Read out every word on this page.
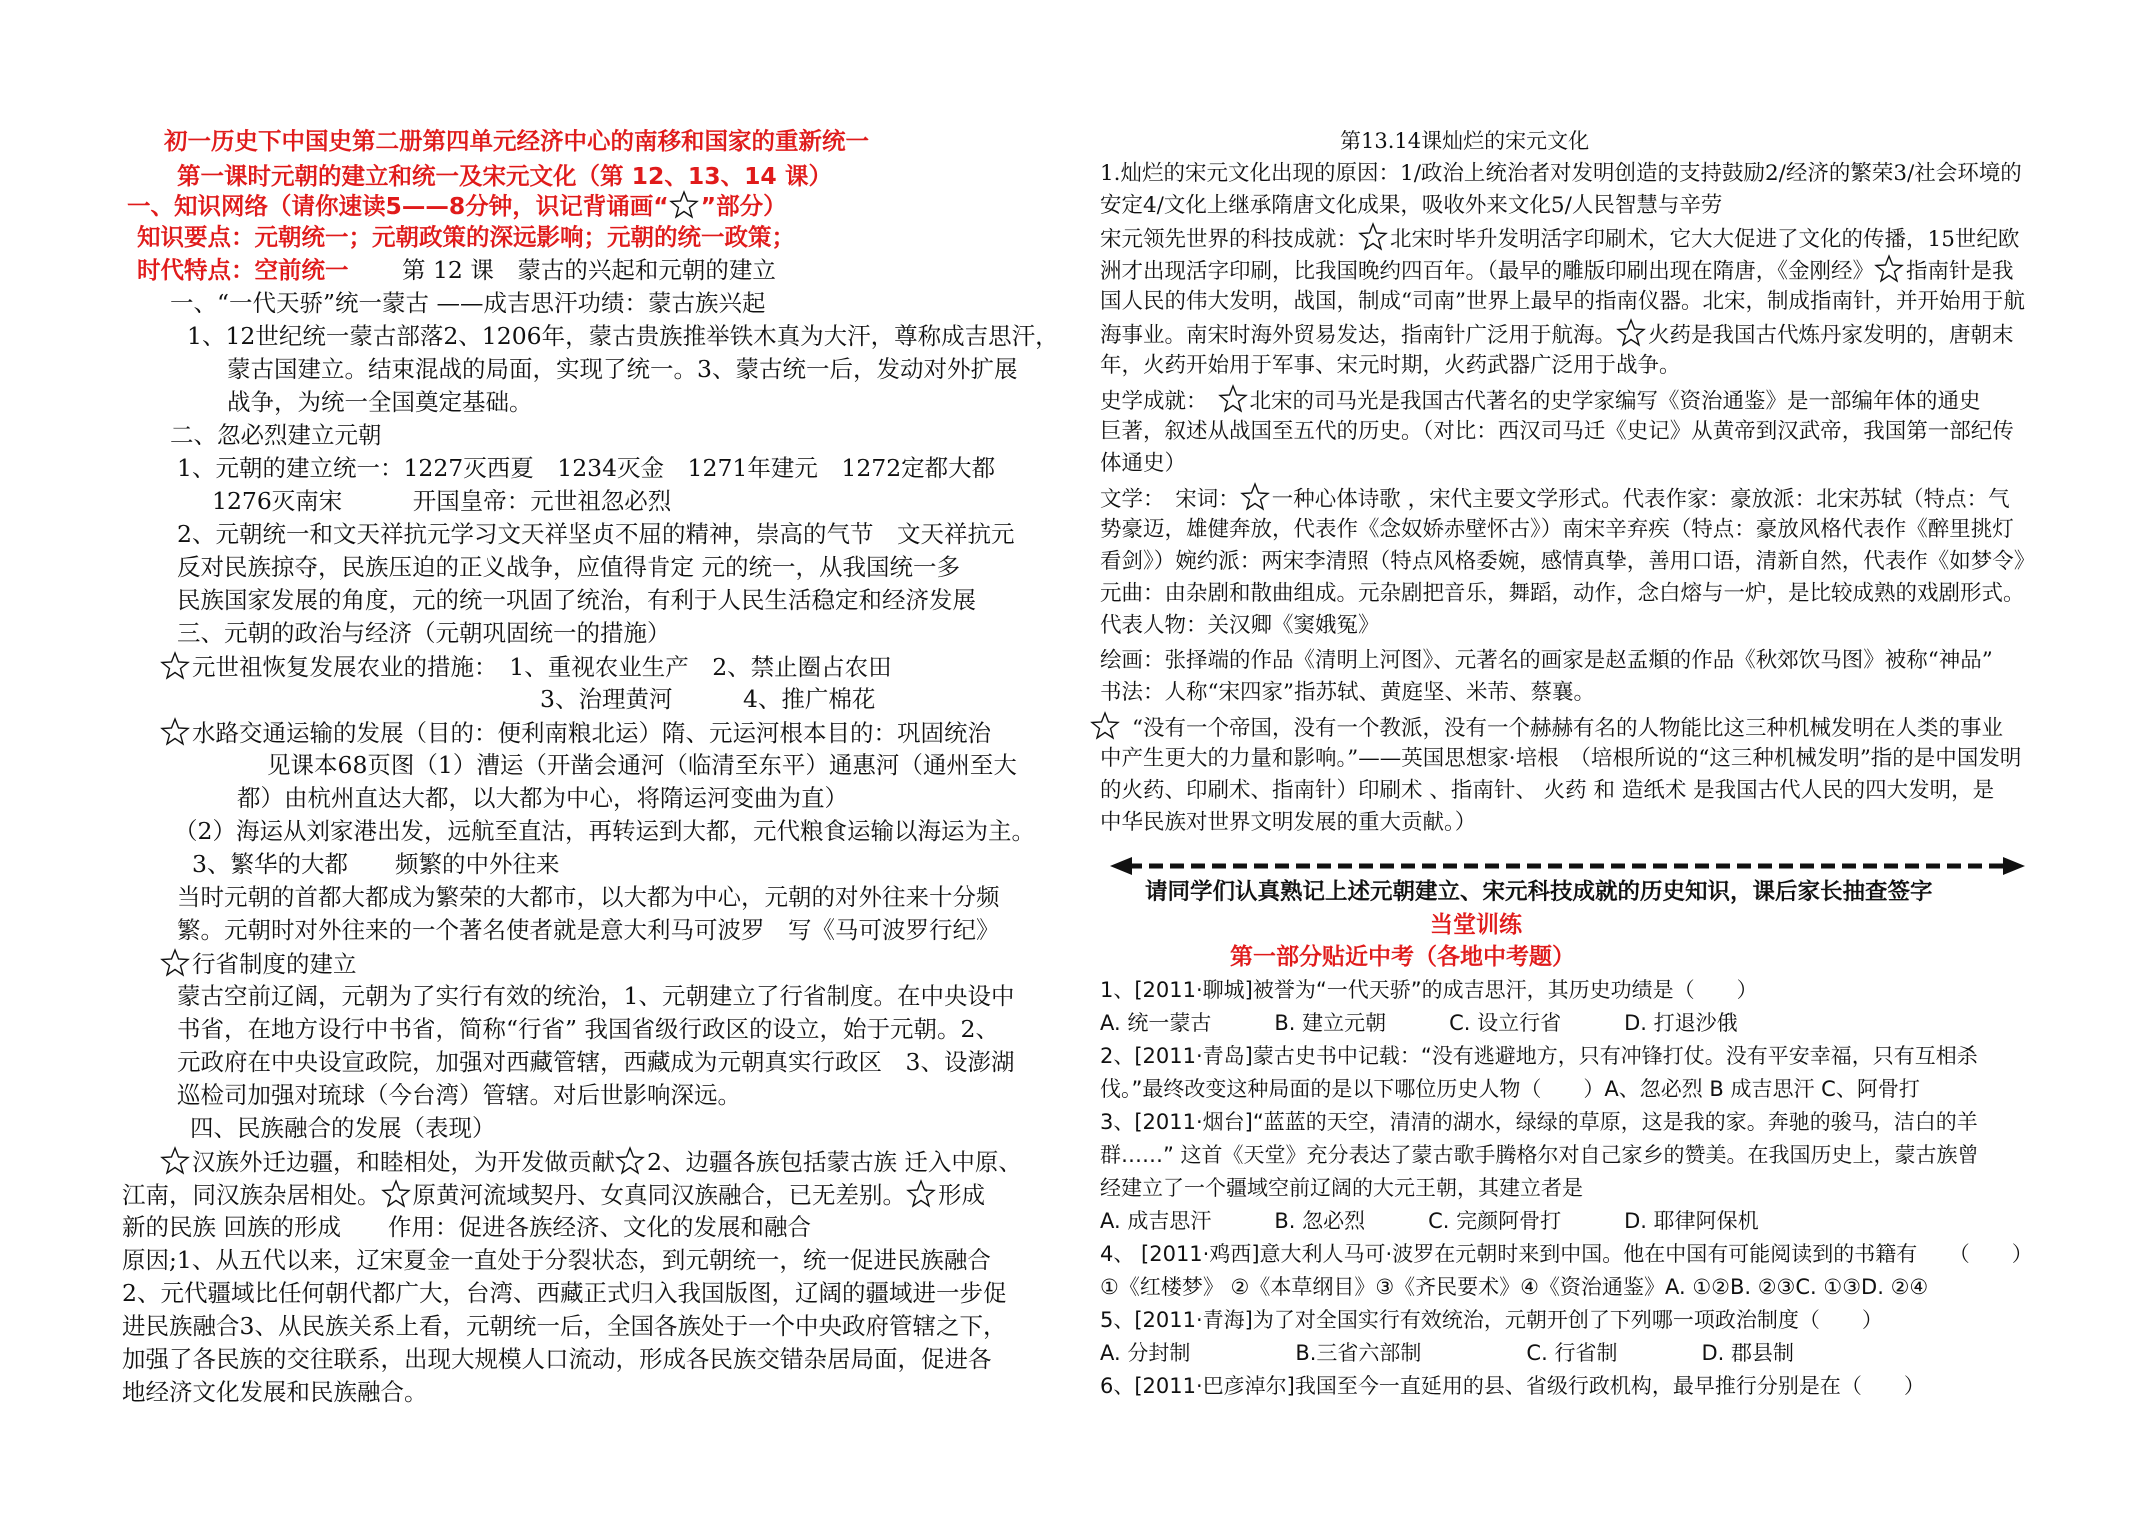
初一历史下中国史第二册第四单元经济中心的南移和国家的重新统一
第一课时元朝的建立和统一及宋元文化（第 12、13、14 课）
一、知识网络（请你速读5——8分钟，识记背诵画“ ”部分）
知识要点：元朝统一；元朝政策的深远影响；元朝的统一政策；
时代特点：空前统一 第 12 课　蒙古的兴起和元朝的建立
一、“一代天骄”统一蒙古 ——成吉思汗功绩：蒙古族兴起
1、12世纪统一蒙古部落2、1206年，蒙古贵族推举铁木真为大汗，尊称成吉思汗，
蒙古国建立。结束混战的局面，实现了统一。3、蒙古统一后，发动对外扩展
战争，为统一全国奠定基础。
二、忽必烈建立元朝
1、元朝的建立统一：1227灭西夏　1234灭金　1271年建元　1272定都大都
1276灭南宋　　　开国皇帝：元世祖忽必烈
2、元朝统一和文天祥抗元学习文天祥坚贞不屈的精神，崇高的气节　文天祥抗元
反对民族掠夺，民族压迫的正义战争，应值得肯定 元的统一，从我国统一多
民族国家发展的角度，元的统一巩固了统治，有利于人民生活稳定和经济发展
三、元朝的政治与经济（元朝巩固统一的措施）
元世祖恢复发展农业的措施：　1、重视农业生产　2、禁止圈占农田
3、治理黄河　　　4、推广棉花
水路交通运输的发展（目的：便利南粮北运）隋、元运河根本目的：巩固统治
见课本68页图（1）漕运（开凿会通河（临清至东平）通惠河（通州至大
都）由杭州直达大都，以大都为中心，将隋运河变曲为直）
（2）海运从刘家港出发，远航至直沽，再转运到大都，元代粮食运输以海运为主。
3、繁华的大都　　频繁的中外往来
当时元朝的首都大都成为繁荣的大都市，以大都为中心，元朝的对外往来十分频
繁。元朝时对外往来的一个著名使者就是意大利马可波罗　写《马可波罗行纪》
行省制度的建立
蒙古空前辽阔，元朝为了实行有效的统治，1、元朝建立了行省制度。在中央设中
书省，在地方设行中书省，简称“行省” 我国省级行政区的设立，始于元朝。2、
元政府在中央设宣政院，加强对西藏管辖，西藏成为元朝真实行政区　3、设澎湖
巡检司加强对琉球（今台湾）管辖。对后世影响深远。
四、民族融合的发展（表现）
汉族外迁边疆，和睦相处，为开发做贡献 2、边疆各族包括蒙古族 迁入中原、
江南，同汉族杂居相处。 原黄河流域契丹、女真同汉族融合，已无差别。 形成
新的民族 回族的形成　　作用：促进各族经济、文化的发展和融合
原因;1、从五代以来，辽宋夏金一直处于分裂状态，到元朝统一，统一促进民族融合
2、元代疆域比任何朝代都广大，台湾、西藏正式归入我国版图，辽阔的疆域进一步促
进民族融合3、从民族关系上看，元朝统一后，全国各族处于一个中央政府管辖之下，
加强了各民族的交往联系，出现大规模人口流动，形成各民族交错杂居局面，促进各
地经济文化发展和民族融合。
第13.14课灿烂的宋元文化
1.灿烂的宋元文化出现的原因：1/政治上统治者对发明创造的支持鼓励2/经济的繁荣3/社会环境的
安定4/文化上继承隋唐文化成果，吸收外来文化5/人民智慧与辛劳
宋元领先世界的科技成就： 北宋时毕升发明活字印刷术，它大大促进了文化的传播，15世纪欧
洲才出现活字印刷，比我国晚约四百年。（最早的雕版印刷出现在隋唐，《金刚经》 指南针是我
国人民的伟大发明，战国，制成“司南”世界上最早的指南仪器。北宋，制成指南针，并开始用于航
海事业。南宋时海外贸易发达，指南针广泛用于航海。 火药是我国古代炼丹家发明的，唐朝末
年，火药开始用于军事、宋元时期，火药武器广泛用于战争。
史学成就： 北宋的司马光是我国古代著名的史学家编写《资治通鉴》是一部编年体的通史
巨著，叙述从战国至五代的历史。（对比：西汉司马迁《史记》从黄帝到汉武帝，我国第一部纪传
体通史）
文学：　宋词： 一种心体诗歌 ，宋代主要文学形式。代表作家：豪放派：北宋苏轼（特点：气
势豪迈，雄健奔放，代表作《念奴娇赤壁怀古》）南宋辛弃疾（特点：豪放风格代表作《醉里挑灯
看剑》）婉约派：两宋李清照（特点风格委婉，感情真挚，善用口语，清新自然，代表作《如梦令》
元曲：由杂剧和散曲组成。元杂剧把音乐，舞蹈，动作，念白熔与一炉，是比较成熟的戏剧形式。
代表人物：关汉卿《窦娥冤》
绘画：张择端的作品《清明上河图》、元著名的画家是赵孟頫的作品《秋郊饮马图》被称“神品”
书法：人称“宋四家”指苏轼、黄庭坚、米芾、蔡襄。
“没有一个帝国，没有一个教派，没有一个赫赫有名的人物能比这三种机械发明在人类的事业
中产生更大的力量和影响。”——英国思想家·培根　（培根所说的“这三种机械发明”指的是中国发明
的火药、印刷术、指南针）印刷术 、指南针、 火药 和 造纸术 是我国古代人民的四大发明，是
中华民族对世界文明发展的重大贡献。）
请同学们认真熟记上述元朝建立、宋元科技成就的历史知识，课后家长抽查签字
当堂训练
第一部分贴近中考（各地中考题）
1、[2011·聊城]被誉为“一代天骄”的成吉思汗，其历史功绩是（　　）
A. 统一蒙古　　　B. 建立元朝　　　C. 设立行省　　　D. 打退沙俄
2、[2011·青岛]蒙古史书中记载：“没有逃避地方，只有冲锋打仗。没有平安幸福，只有互相杀
伐。”最终改变这种局面的是以下哪位历史人物（　　）A、忽必烈 B 成吉思汗 C、阿骨打
3、[2011·烟台]“蓝蓝的天空，清清的湖水，绿绿的草原，这是我的家。奔驰的骏马，洁白的羊
群……” 这首《天堂》充分表达了蒙古歌手腾格尔对自己家乡的赞美。在我国历史上，蒙古族曾
经建立了一个疆域空前辽阔的大元王朝，其建立者是
A. 成吉思汗　　　B. 忽必烈　　　C. 完颜阿骨打　　　D. 耶律阿保机
4、 [2011·鸡西]意大利人马可·波罗在元朝时来到中国。他在中国有可能阅读到的书籍有　　（　　）
①《红楼梦》 ②《本草纲目》③《齐民要术》④《资治通鉴》A. ①②B. ②③C. ①③D. ②④
5、[2011·青海]为了对全国实行有效统治，元朝开创了下列哪一项政治制度（　　）
A. 分封制　　　　　B.三省六部制　　　　　C. 行省制　　　　D. 郡县制
6、[2011·巴彦淖尔]我国至今一直延用的县、省级行政机构，最早推行分别是在（　　）
